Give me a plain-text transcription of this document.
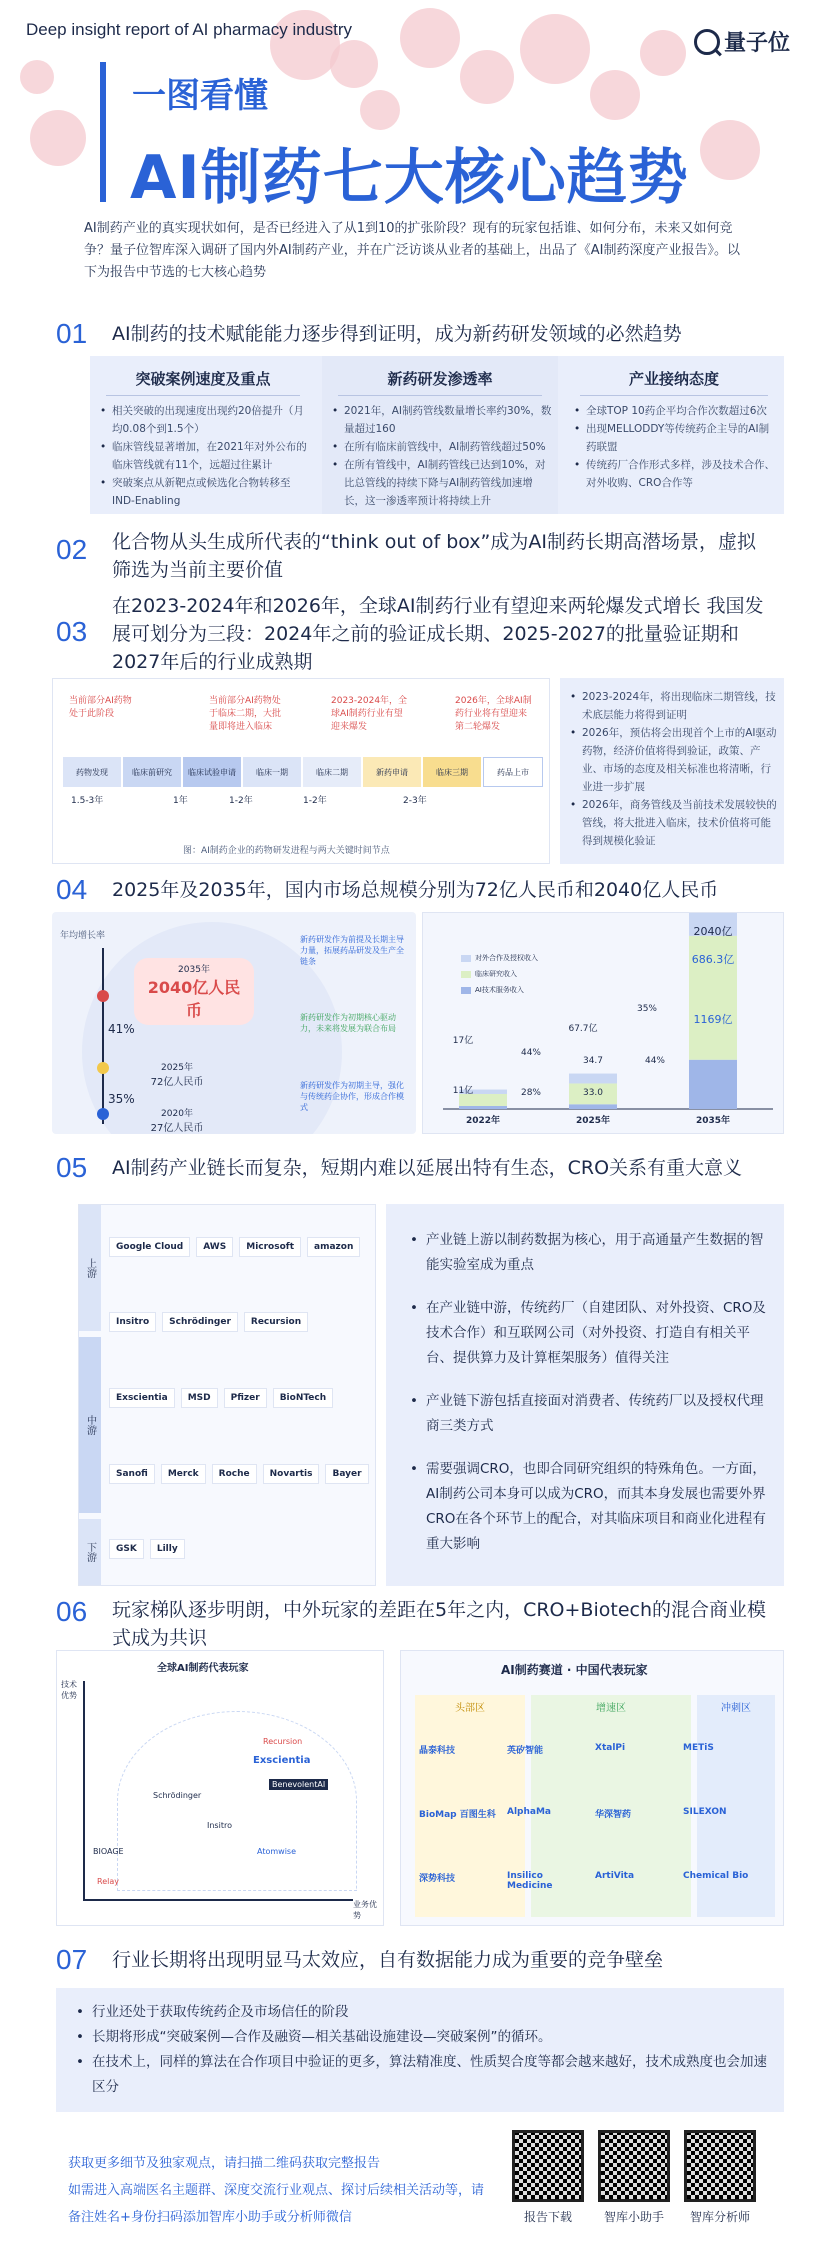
Deep insight report of AI pharmacy industry
量子位
一图看懂
AI制药七大核心趋势
AI制药产业的真实现状如何，是否已经进入了从1到10的扩张阶段？现有的玩家包括谁、如何分布，未来又如何竞争？量子位智库深入调研了国内外AI制药产业，并在广泛访谈从业者的基础上，出品了《AI制药深度产业报告》。以下为报告中节选的七大核心趋势
01 AI制药的技术赋能能力逐步得到证明，成为新药研发领域的必然趋势
突破案例速度及重点
• 相关突破的出现速度出现约20倍提升（月均0.08个到1.5个）
• 临床管线显著增加，在2021年对外公布的临床管线就有11个，远超过往累计
• 突破案点从新靶点或候选化合物转移至IND-Enabling
新药研发渗透率
• 2021年，AI制药管线数量增长率约30%，数量超过160
• 在所有临床前管线中，AI制药管线超过50%
• 在所有管线中，AI制药管线已达到10%，对比总管线的持续下降与AI制药管线加速增长，这一渗透率预计将持续上升
产业接纳态度
• 全球TOP 10药企平均合作次数超过6次
• 出现MELLODDY等传统药企主导的AI制药联盟
• 传统药厂合作形式多样，涉及技术合作、对外收购、CRO合作等
02 化合物从头生成所代表的“think out of box”成为AI制药长期高潜场景，虚拟筛选为当前主要价值
03
在2023-2024年和2026年，全球AI制药行业有望迎来两轮爆发式增长 我国发展可划分为三段：2024年之前的验证成长期、2025-2027的批量验证期和2027年后的行业成熟期
药物发现	临床前研究	临床试验申请	临床一期	临床二期	新药申请	临床三期	药品上市
当前部分AI药物处于此阶段
当前部分AI药物处于临床二期，大批量即将进入临床
2023-2024年，全球AI制药行业有望迎来爆发
2026年，全球AI制药行业将有望迎来第二轮爆发
1.5-3年	1年	1-2年	1-2年	2-3年
图：AI制药企业的药物研发进程与两大关键时间节点
• 2023-2024年，将出现临床二期管线，技术底层能力将得到证明
• 2026年，预估将会出现首个上市的AI驱动药物，经济价值将得到验证，政策、产业、市场的态度及相关标准也将清晰，行业进一步扩展
• 2026年，商务管线及当前技术发展较快的管线，将大批进入临床，技术价值将可能得到规模化验证
04 2025年及2035年，国内市场总规模分别为72亿人民币和2040亿人民币
年均增长率
2035年
2040亿人民币
2025年
72亿人民币
2020年
27亿人民币
41%
35%
新药研发作为前提及长期主导力量，拓展药品研发及生产全链条
新药研发作为初期核心驱动力，未来将发展为联合布局
新药研发作为初期主导，强化与传统药企协作，形成合作模式
对外合作及授权收入
临床研究收入
AI技术服务收入
2022年	2025年	2035年
17亿
11亿
44%
28%
34.7
67.7亿
33.0
35%
44%
2040亿
686.3亿
1169亿
05 AI制药产业链长而复杂，短期内难以延展出特有生态，CRO关系有重大意义
上游
中游
下游
Google Cloud	AWS	Microsoft	amazon
Insitro	Schrödinger	Recursion
Exscientia	MSD	Pfizer	BioNTech
Sanofi	Merck	Roche	Novartis	Bayer
GSK	Lilly
• 产业链上游以制药数据为核心，用于高通量产生数据的智能实验室成为重点
• 在产业链中游，传统药厂（自建团队、对外投资、CRO及技术合作）和互联网公司（对外投资、打造自有相关平台、提供算力及计算框架服务）值得关注
• 产业链下游包括直接面对消费者、传统药厂以及授权代理商三类方式
• 需要强调CRO，也即合同研究组织的特殊角色。一方面，AI制药公司本身可以成为CRO，而其本身发展也需要外界CRO在各个环节上的配合，对其临床项目和商业化进程有重大影响
06 玩家梯队逐步明朗，中外玩家的差距在5年之内，CRO+Biotech的混合商业模式成为共识
全球AI制药代表玩家
技术优势
业务优势
Recursion
Exscientia
Schrödinger
BenevolentAI
Insitro
Atomwise
BIOAGE
Relay
AI制药赛道 · 中国代表玩家
头部区	增速区	冲刺区
晶泰科技	英矽智能	XtalPi	METiS
BioMap 百图生科	AlphaMa	华深智药	SILEXON
深势科技	Insilico Medicine
ArtiVita	Chemical Bio
07 行业长期将出现明显马太效应，自有数据能力成为重要的竞争壁垒
• 行业还处于获取传统药企及市场信任的阶段
• 长期将形成“突破案例—合作及融资—相关基础设施建设—突破案例”的循环。
• 在技术上，同样的算法在合作项目中验证的更多，算法精准度、性质契合度等都会越来越好，技术成熟度也会加速区分
获取更多细节及独家观点，请扫描二维码获取完整报告
如需进入高端医名主题群、深度交流行业观点、探讨后续相关活动等，请备注姓名+身份扫码添加智库小助手或分析师微信	报告下载	智库小助手	智库分析师
